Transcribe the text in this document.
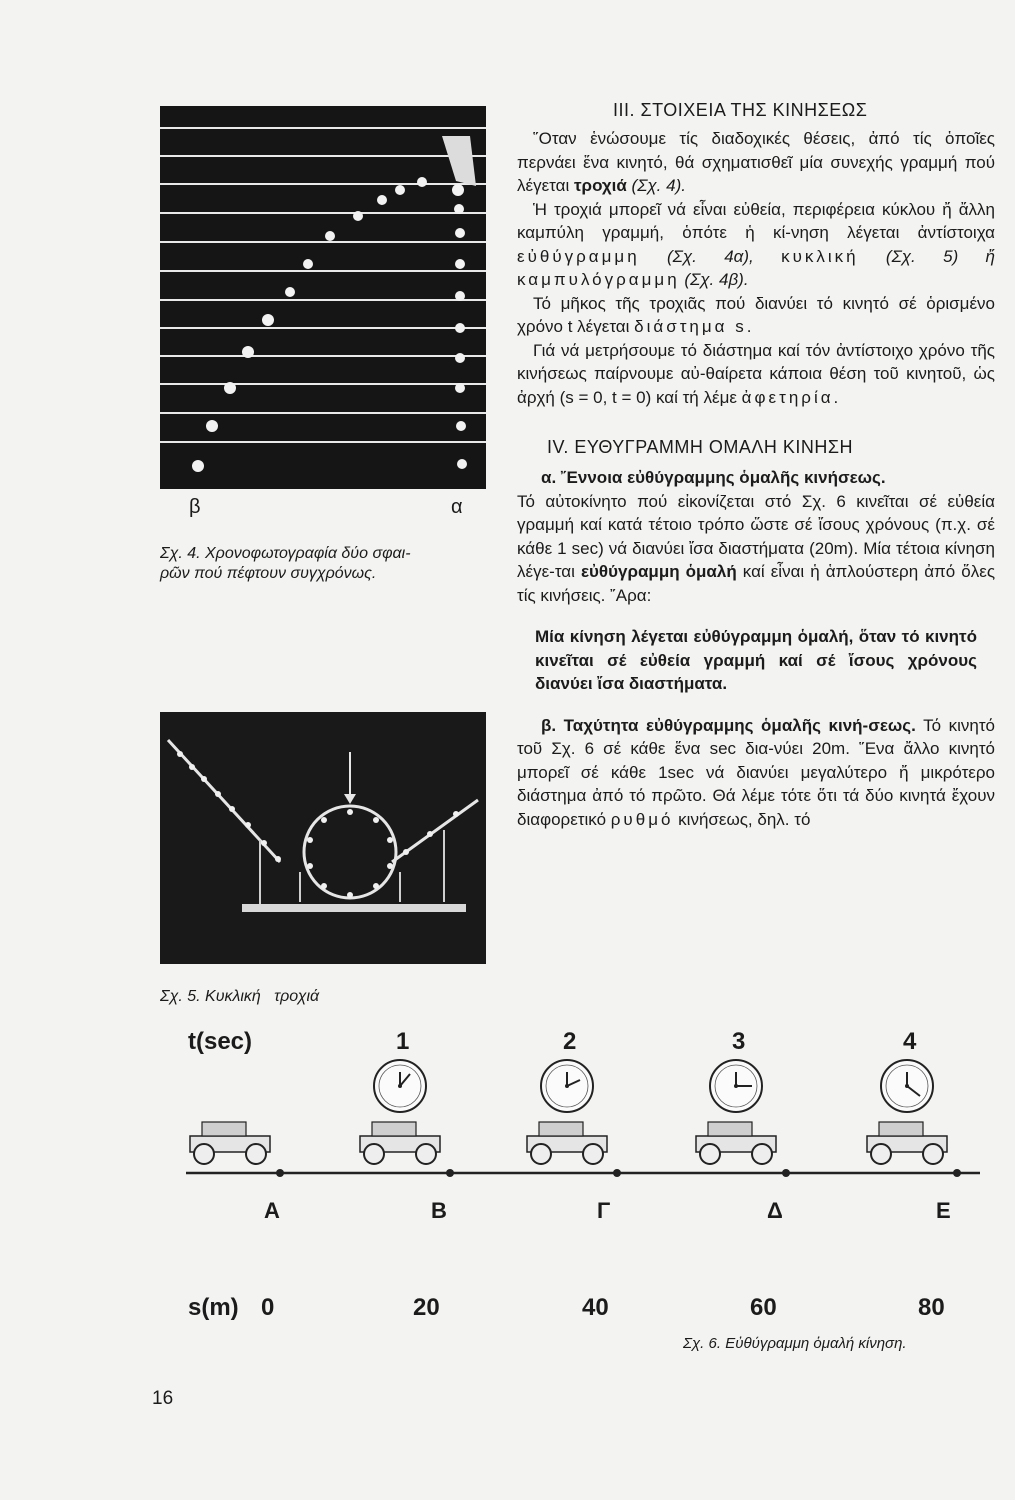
β	α
Σχ. 4. Χρονοφωτογραφία δύο σφαι-
ρῶν πού πέφτουν συγχρόνως.
Σχ. 5. Κυκλική τροχιά
ΙΙΙ. ΣΤΟΙΧΕΙΑ ΤΗΣ ΚΙΝΗΣΕΩΣ

῞Οταν ἑνώσουμε τίς διαδοχικές θέσεις, ἀπό τίς ὁποῖες περνάει ἕνα κινητό, θά σχηματισθεῖ μία συνεχής γραμμή πού λέγεται τροχιά (Σχ. 4).

Ἡ τροχιά μπορεῖ νά εἶναι εὐθεία, περιφέρεια κύκλου ἤ ἄλλη καμπύλη γραμμή, ὁπότε ἡ κί-νηση λέγεται ἀντίστοιχα εὐθύγραμμη (Σχ. 4α), κυκλική (Σχ. 5) ἤ καμπυλόγραμμη (Σχ. 4β).

Τό μῆκος τῆς τροχιᾶς πού διανύει τό κινητό σέ ὁρισμένο χρόνο t λέγεται διάστημα s.

Γιά νά μετρήσουμε τό διάστημα καί τόν ἀντίστοιχο χρόνο τῆς κινήσεως παίρνουμε αὐ-θαίρετα κάποια θέση τοῦ κινητοῦ, ὡς ἀρχή (s = 0, t = 0) καί τή λέμε ἀφετηρία.

IV. ΕΥΘΥΓΡΑΜΜΗ ΟΜΑΛΗ ΚΙΝΗΣΗ

α. ῎Εννοια εὐθύγραμμης ὁμαλῆς κινήσεως.

Τό αὐτοκίνητο πού εἰκονίζεται στό Σχ. 6 κινεῖται σέ εὐθεία γραμμή καί κατά τέτοιο τρόπο ὥστε σέ ἴσους χρόνους (π.χ. σέ κάθε 1 sec) νά διανύει ἴσα διαστήματα (20m). Μία τέτοια κίνηση λέγε-ται εὐθύγραμμη ὁμαλή καί εἶναι ἡ ἁπλούστερη ἀπό ὅλες τίς κινήσεις. ῎Αρα:

Μία κίνηση λέγεται εὐθύγραμμη ὁμαλή, ὅταν τό κινητό κινεῖται σέ εὐθεία γραμμή καί σέ ἴσους χρόνους διανύει ἴσα διαστήματα.

β. Ταχύτητα εὐθύγραμμης ὁμαλῆς κινή-σεως. Τό κινητό τοῦ Σχ. 6 σέ κάθε ἕνα sec δια-νύει 20m. ῞Ενα ἄλλο κινητό μπορεῖ σέ κάθε 1sec νά διανύει μεγαλύτερο ἤ μικρότερο διάστημα ἀπό τό πρῶτο. Θά λέμε τότε ὅτι τά δύο κινητά ἔχουν διαφορετικό ρυθμό κινήσεως, δηλ. τό

t(sec)	1	2	3	4
Α	Β	Γ	Δ	Ε
s(m) 0	20	40	60	80
Σχ. 6. Εὐθύγραμμη ὁμαλή κίνηση.
16
